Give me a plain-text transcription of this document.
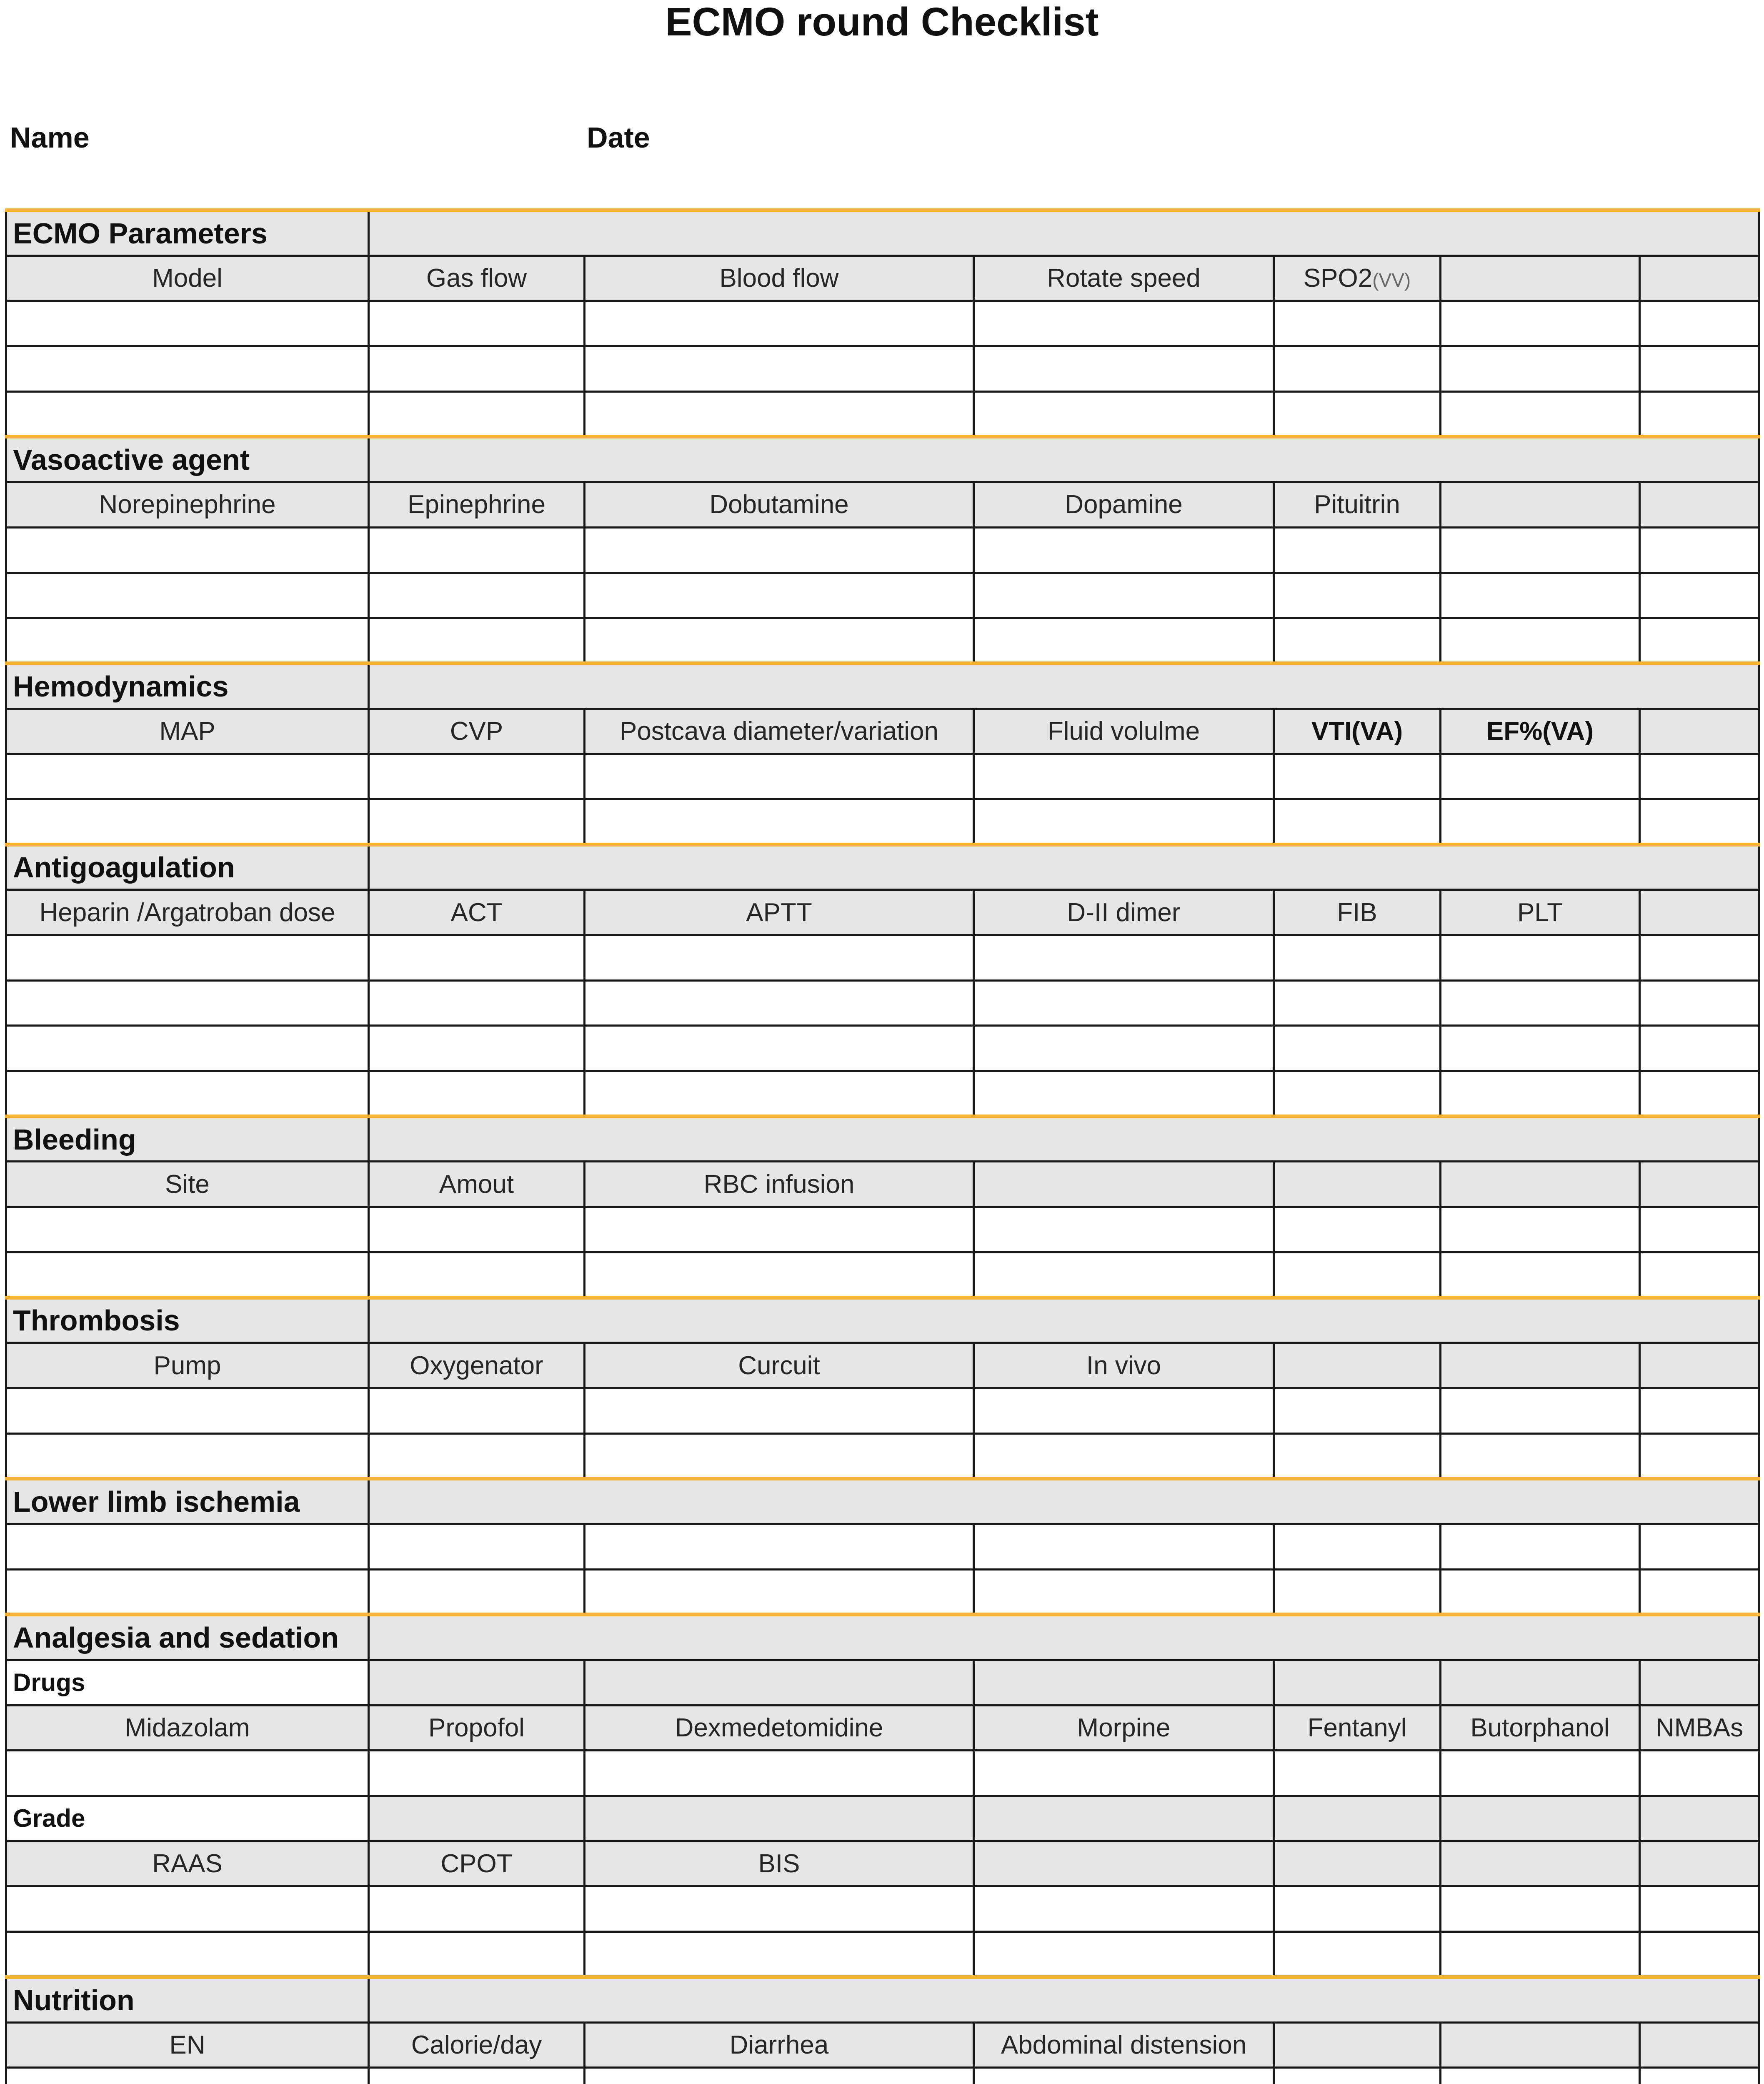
ECMO round Checklist
Name	Date
ECMO Parameters						
Model	Gas flow	Blood flow	Rotate speed	SPO2(VV)		

Vasoactive agent						
Norepinephrine	Epinephrine	Dobutamine	Dopamine	Pituitrin		

Hemodynamics						
MAP	CVP	Postcava diameter/variation	Fluid volulme	VTI(VA)	EF%(VA)	

Antigoagulation						
Heparin /Argatroban dose	ACT	APTT	D-II dimer	FIB	PLT	

Bleeding						
Site	Amout	RBC infusion				

Thrombosis						
Pump	Oxygenator	Curcuit	In vivo			

Lower limb ischemia						

Analgesia and sedation						
Drugs						
Midazolam	Propofol	Dexmedetomidine	Morpine	Fentanyl	Butorphanol	NMBAs

Grade						
RAAS	CPOT	BIS				

Nutrition						
EN	Calorie/day	Diarrhea	Abdominal distension			
